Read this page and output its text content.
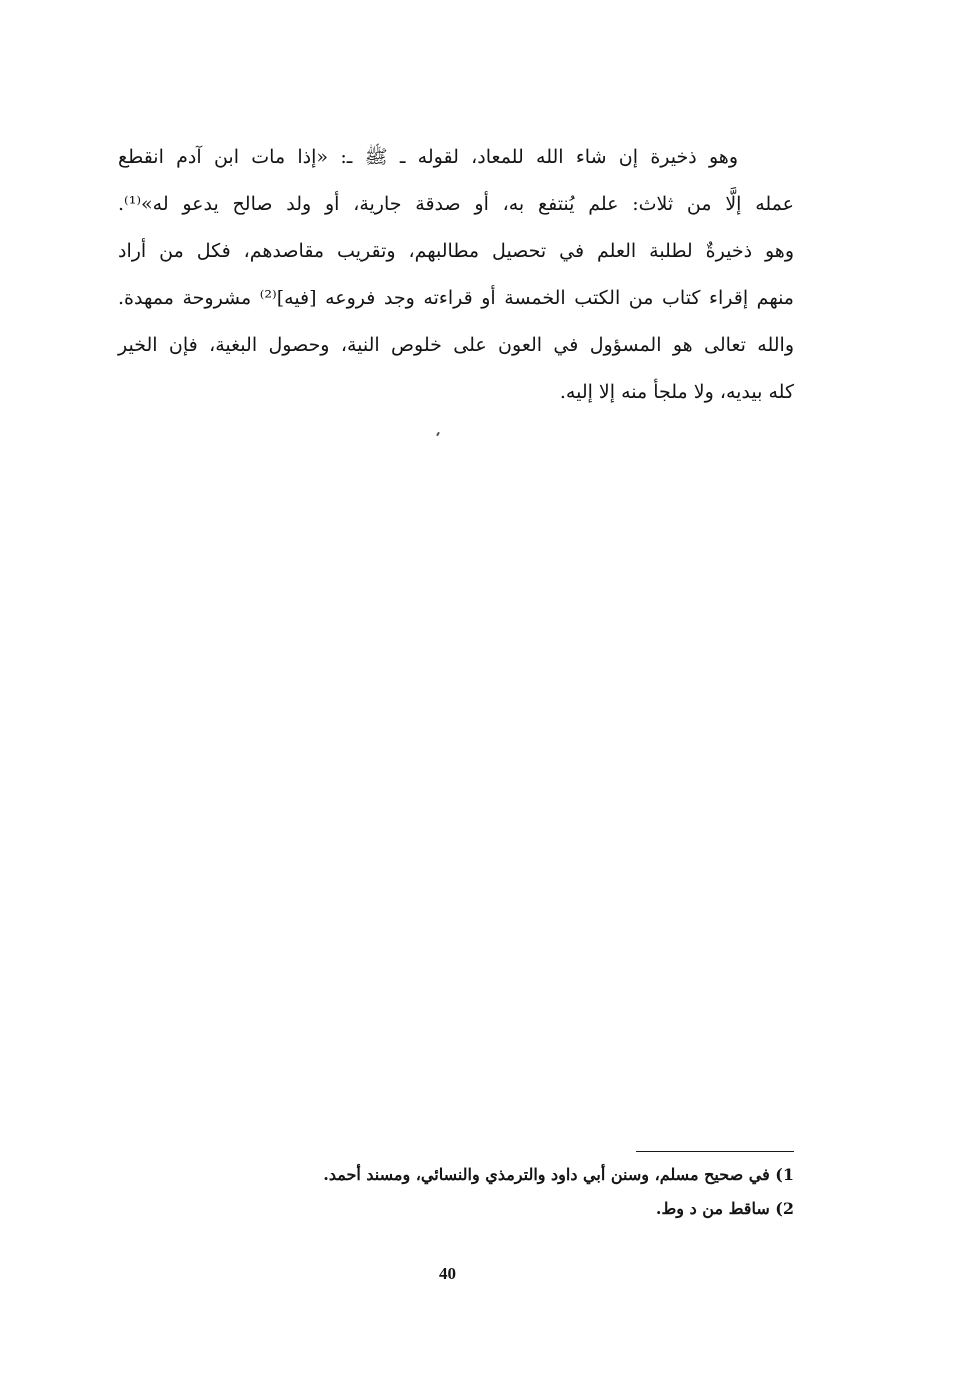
وهو ذخيرة إن شاء الله للمعاد، لقوله ـ ﷺ ـ: «إذا مات ابن آدم انقطع
عمله إلَّا من ثلاث: علم يُنتفع به، أو صدقة جارية، أو ولد صالح يدعو له»⁽¹⁾.
وهو ذخيرةٌ لطلبة العلم في تحصيل مطالبهم، وتقريب مقاصدهم، فكل من أراد
منهم إقراء كتاب من الكتب الخمسة أو قراءته وجد فروعه [فيه]⁽²⁾ مشروحة ممهدة.
والله تعالى هو المسؤول في العون على خلوص النية، وحصول البغية، فإن الخير
كله بيديه، ولا ملجأ منه إلا إليه.
1) في صحيح مسلم، وسنن أبي داود والترمذي والنسائي، ومسند أحمد.
2) ساقط من د وط.
40
